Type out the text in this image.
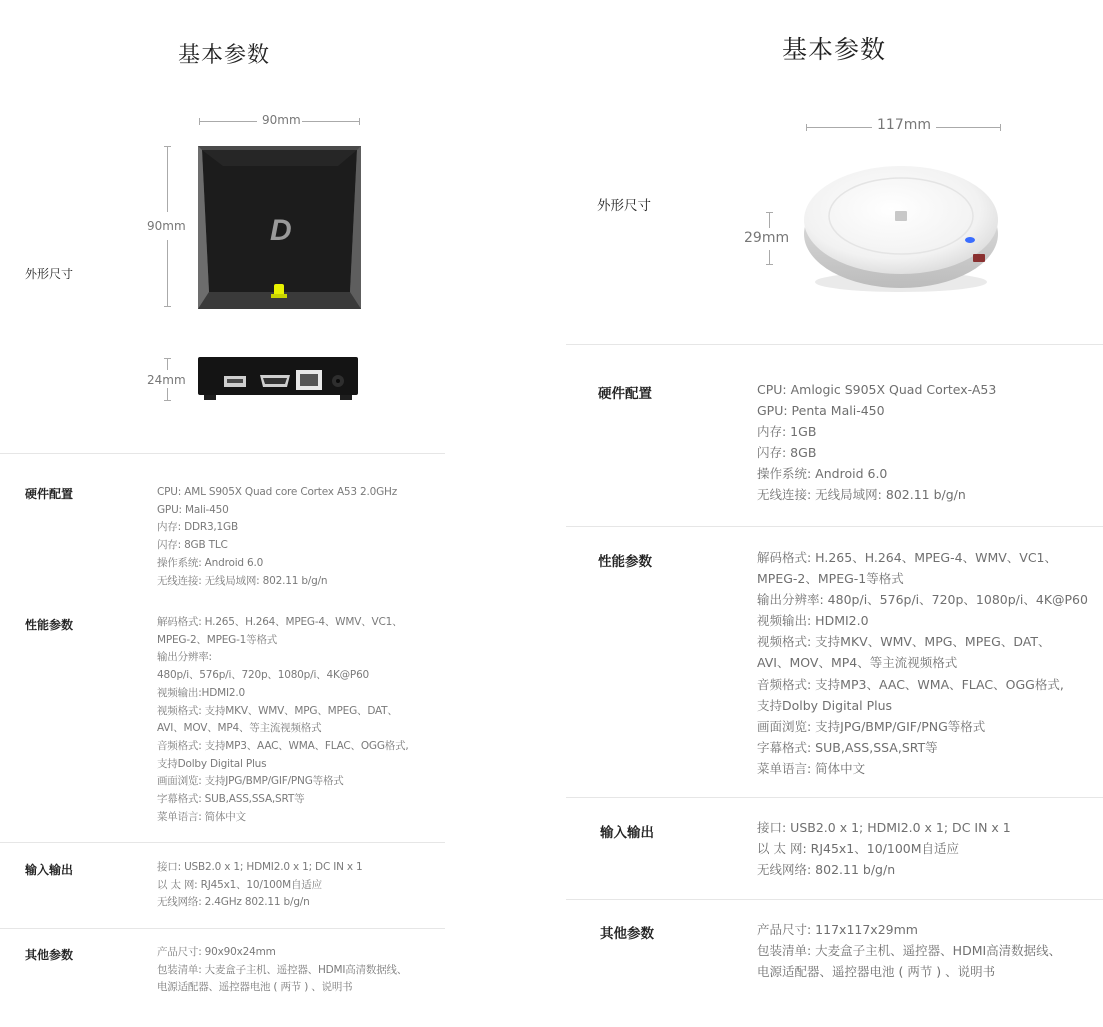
基本参数
90mm
90mm
外形尺寸
D
24mm
硬件配置	CPU: AML S905X Quad core Cortex A53 2.0GHz
GPU: Mali-450
内存: DDR3,1GB
闪存: 8GB TLC
操作系统: Android 6.0
无线连接: 无线局域网: 802.11 b/g/n
性能参数	解码格式: H.265、H.264、MPEG-4、WMV、VC1、
MPEG-2、MPEG-1等格式
输出分辨率:
480p/i、576p/i、720p、1080p/i、4K@P60
视频输出:HDMI2.0
视频格式: 支持MKV、WMV、MPG、MPEG、DAT、
AVI、MOV、MP4、等主流视频格式
音频格式: 支持MP3、AAC、WMA、FLAC、OGG格式,
支持Dolby Digital Plus
画面浏览: 支持JPG/BMP/GIF/PNG等格式
字幕格式: SUB,ASS,SSA,SRT等
菜单语言: 简体中文
输入输出	接口: USB2.0 x 1; HDMI2.0 x 1; DC IN x 1
以 太 网: RJ45x1、10/100M自适应
无线网络: 2.4GHz 802.11 b/g/n
其他参数	产品尺寸: 90x90x24mm
包装清单: 大麦盒子主机、遥控器、HDMI高清数据线、
电源适配器、遥控器电池 ( 两节 ) 、说明书
基本参数
117mm
外形尺寸
29mm
硬件配置	CPU: Amlogic S905X Quad Cortex-A53
GPU: Penta Mali-450
内存: 1GB
闪存: 8GB
操作系统: Android 6.0
无线连接: 无线局域网: 802.11 b/g/n
性能参数	解码格式: H.265、H.264、MPEG-4、WMV、VC1、
MPEG-2、MPEG-1等格式
输出分辨率: 480p/i、576p/i、720p、1080p/i、4K@P60
视频输出: HDMI2.0
视频格式: 支持MKV、WMV、MPG、MPEG、DAT、
AVI、MOV、MP4、等主流视频格式
音频格式: 支持MP3、AAC、WMA、FLAC、OGG格式,
支持Dolby Digital Plus
画面浏览: 支持JPG/BMP/GIF/PNG等格式
字幕格式: SUB,ASS,SSA,SRT等
菜单语言: 简体中文
输入输出	接口: USB2.0 x 1; HDMI2.0 x 1; DC IN x 1
以 太 网: RJ45x1、10/100M自适应
无线网络: 802.11 b/g/n
其他参数	产品尺寸: 117x117x29mm
包装清单: 大麦盒子主机、遥控器、HDMI高清数据线、
电源适配器、遥控器电池 ( 两节 ) 、说明书
